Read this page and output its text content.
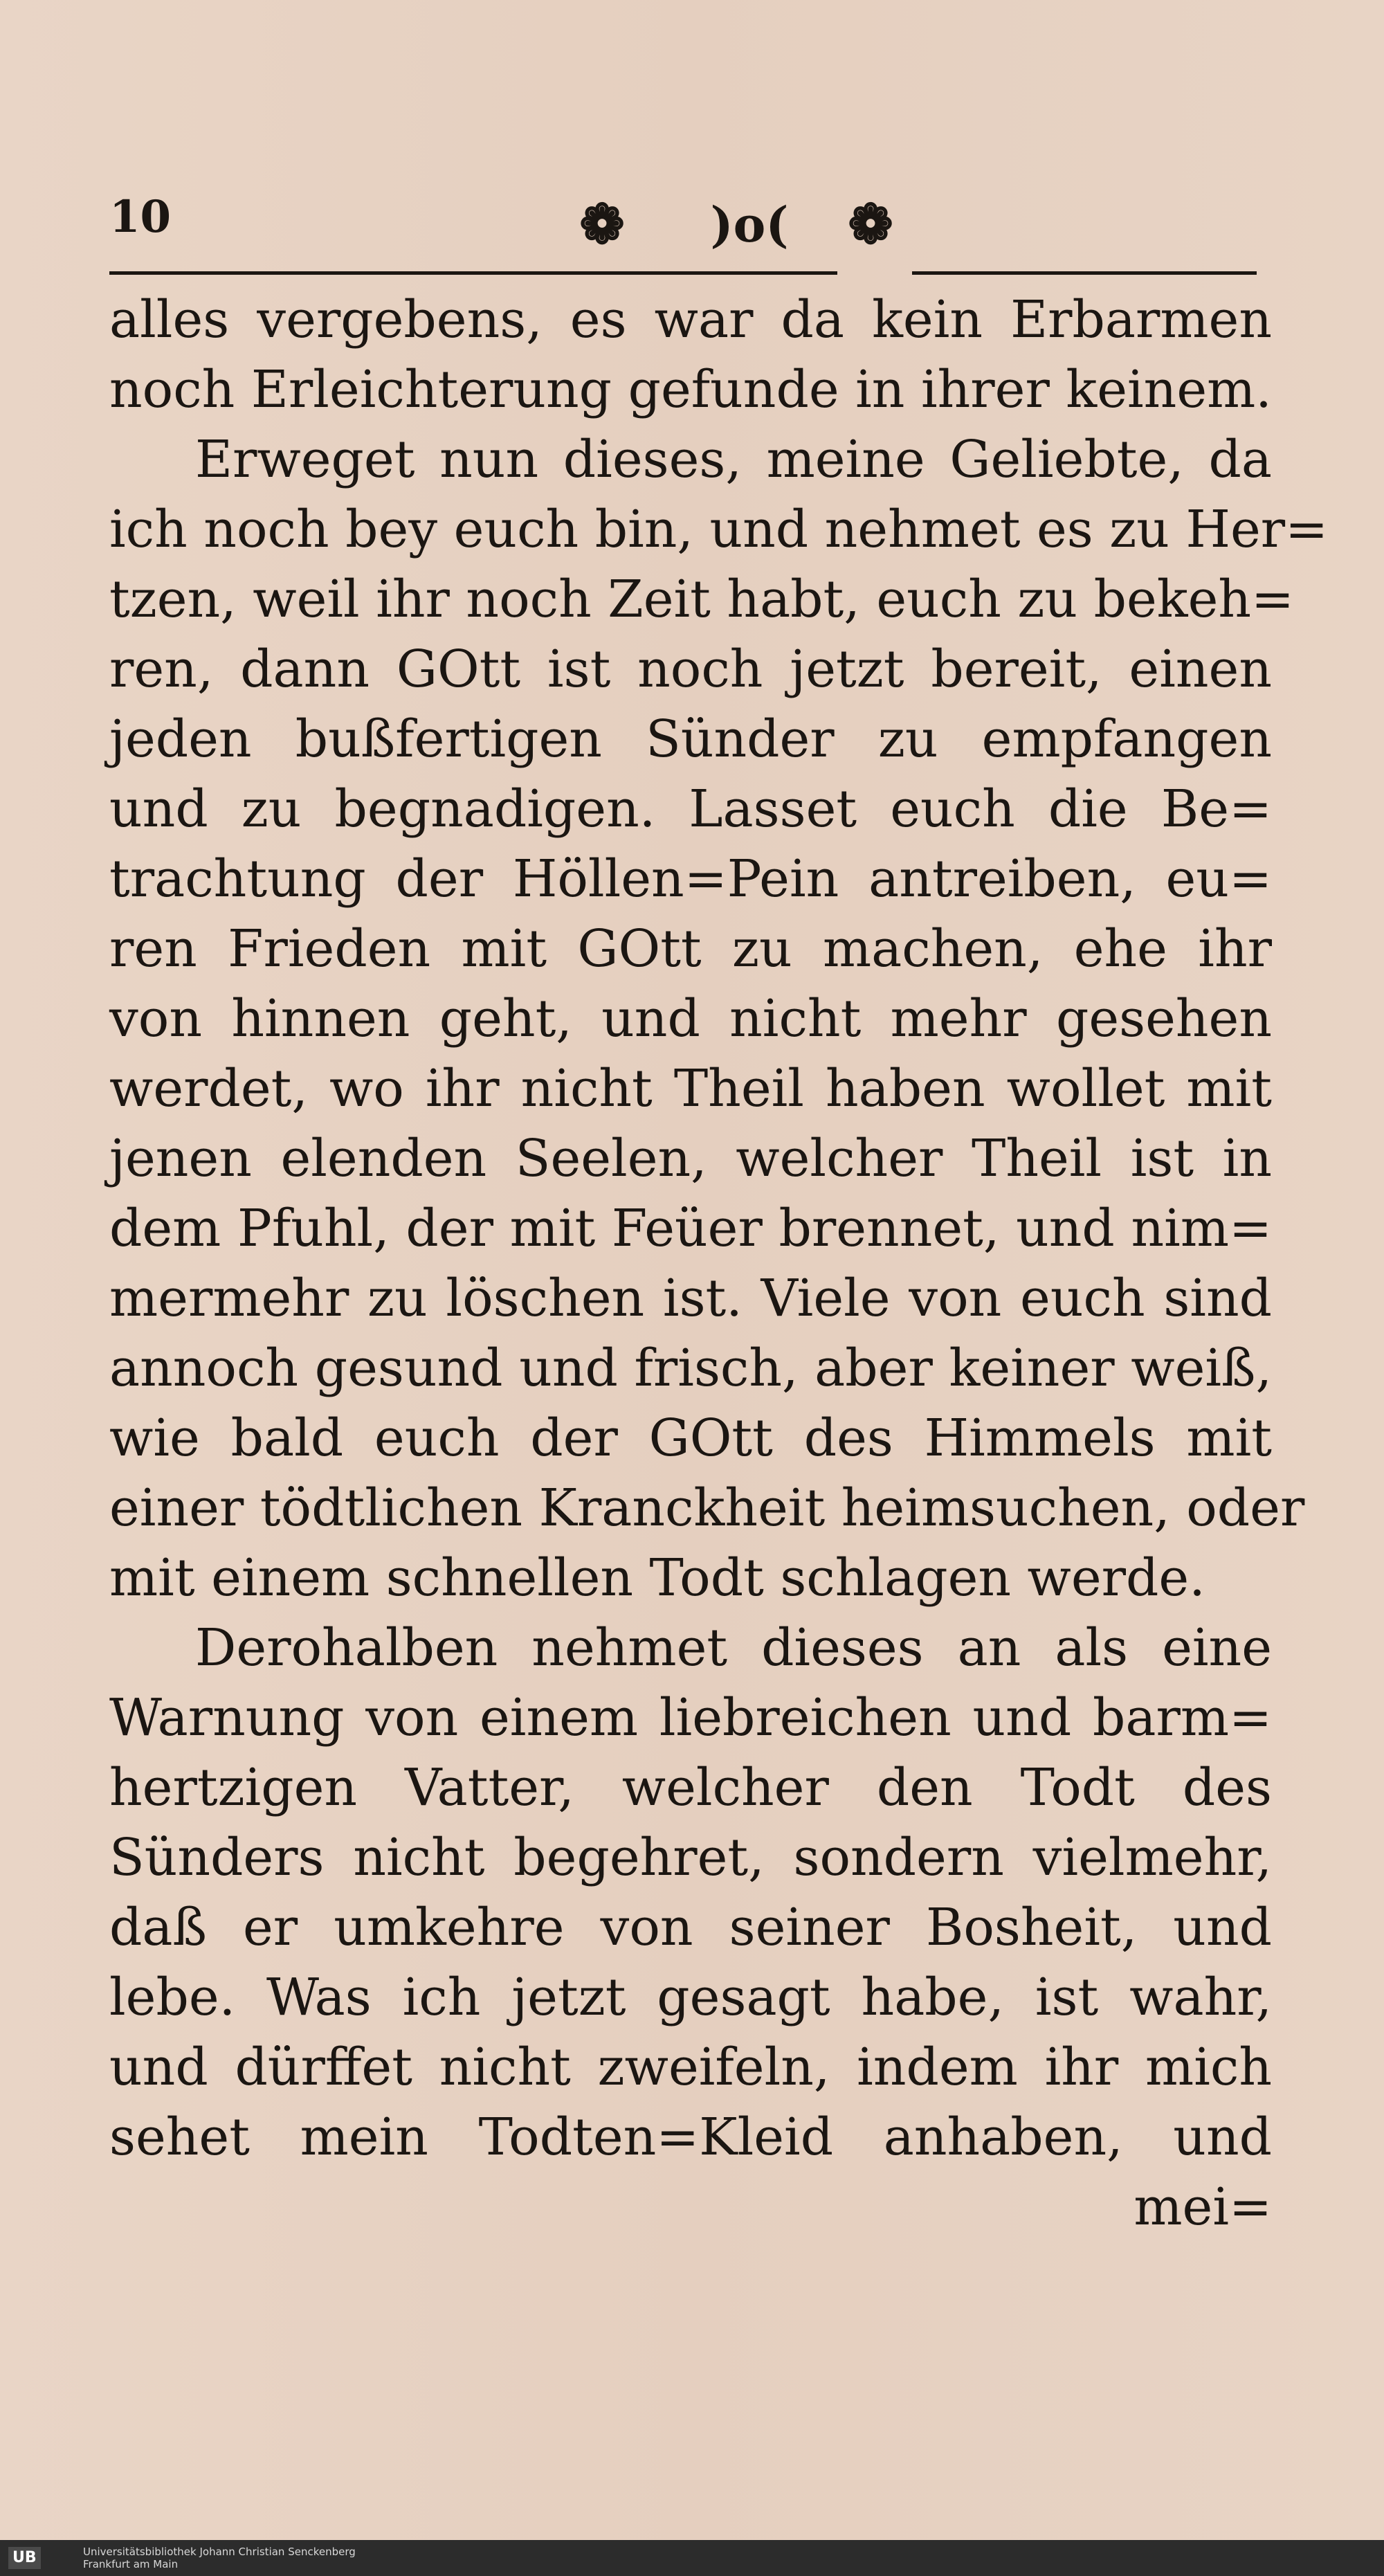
10	❁ )o( ❁
alles vergebens, es war da kein Erbarmen
noch Erleichterung gefunde in ihrer keinem.
Erweget nun dieses, meine Geliebte, da
ich noch bey euch bin, und nehmet es zu Her=
tzen, weil ihr noch Zeit habt, euch zu bekeh=
ren, dann GOtt ist noch jetzt bereit, einen
jeden bußfertigen Sünder zu empfangen
und zu begnadigen. Lasset euch die Be=
trachtung der Höllen=Pein antreiben, eu=
ren Frieden mit GOtt zu machen, ehe ihr
von hinnen geht, und nicht mehr gesehen
werdet, wo ihr nicht Theil haben wollet mit
jenen elenden Seelen, welcher Theil ist in
dem Pfuhl, der mit Feüer brennet, und nim=
mermehr zu löschen ist. Viele von euch sind
annoch gesund und frisch, aber keiner weiß,
wie bald euch der GOtt des Himmels mit
einer tödtlichen Kranckheit heimsuchen, oder
mit einem schnellen Todt schlagen werde.
Derohalben nehmet dieses an als eine
Warnung von einem liebreichen und barm=
hertzigen Vatter, welcher den Todt des
Sünders nicht begehret, sondern vielmehr,
daß er umkehre von seiner Bosheit, und
lebe. Was ich jetzt gesagt habe, ist wahr,
und dürffet nicht zweifeln, indem ihr mich
sehet mein Todten=Kleid anhaben, und
mei=
UB	Universitätsbibliothek Johann Christian Senckenberg
Frankfurt am Main
